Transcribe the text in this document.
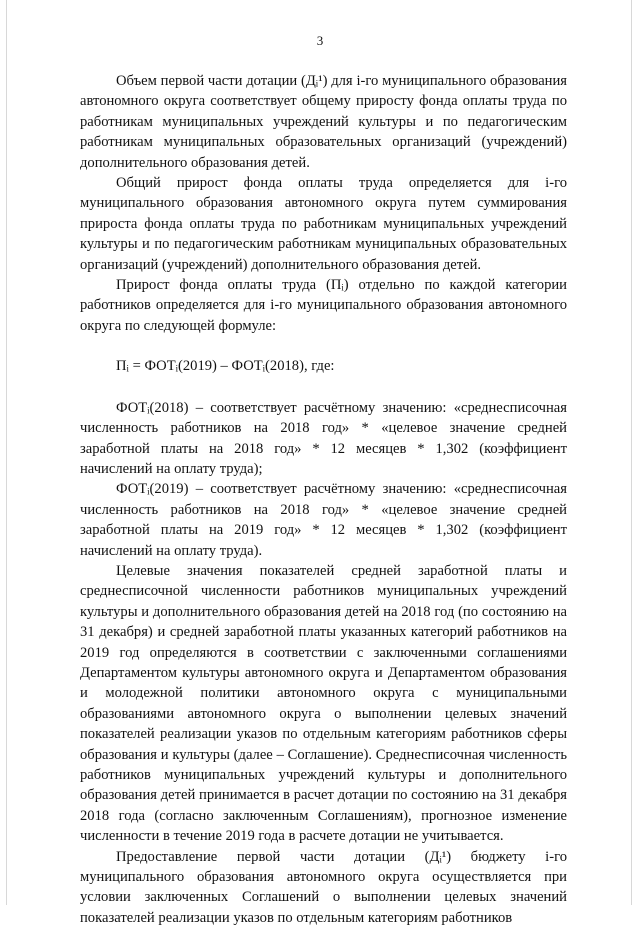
3

Объем первой части дотации (Дᵢ¹) для i-го муниципального образования автономного округа соответствует общему приросту фонда оплаты труда по работникам муниципальных учреждений культуры и по педагогическим работникам муниципальных образовательных организаций (учреждений) дополнительного образования детей.

Общий прирост фонда оплаты труда определяется для i-го муниципального образования автономного округа путем суммирования прироста фонда оплаты труда по работникам муниципальных учреждений культуры и по педагогическим работникам муниципальных образовательных организаций (учреждений) дополнительного образования детей.

Прирост фонда оплаты труда (Пᵢ) отдельно по каждой категории работников определяется для i-го муниципального образования автономного округа по следующей формуле:

Пᵢ = ФОТᵢ(2019) – ФОТᵢ(2018), где:

ФОТᵢ(2018) – соответствует расчётному значению: «среднесписочная численность работников на 2018 год» * «целевое значение средней заработной платы на 2018 год» * 12 месяцев * 1,302 (коэффициент начислений на оплату труда);

ФОТᵢ(2019) – соответствует расчётному значению: «среднесписочная численность работников на 2018 год» * «целевое значение средней заработной платы на 2019 год» * 12 месяцев * 1,302 (коэффициент начислений на оплату труда).

Целевые значения показателей средней заработной платы и среднесписочной численности работников муниципальных учреждений культуры и дополнительного образования детей на 2018 год (по состоянию на 31 декабря) и средней заработной платы указанных категорий работников на 2019 год определяются в соответствии с заключенными соглашениями Департаментом культуры автономного округа и Департаментом образования и молодежной политики автономного округа с муниципальными образованиями автономного округа о выполнении целевых значений показателей реализации указов по отдельным категориям работников сферы образования и культуры (далее – Соглашение). Среднесписочная численность работников муниципальных учреждений культуры и дополнительного образования детей принимается в расчет дотации по состоянию на 31 декабря 2018 года (согласно заключенным Соглашениям), прогнозное изменение численности в течение 2019 года в расчете дотации не учитывается.

Предоставление первой части дотации (Дᵢ¹) бюджету i-го муниципального образования автономного округа осуществляется при условии заключенных Соглашений о выполнении целевых значений показателей реализации указов по отдельным категориям работников
